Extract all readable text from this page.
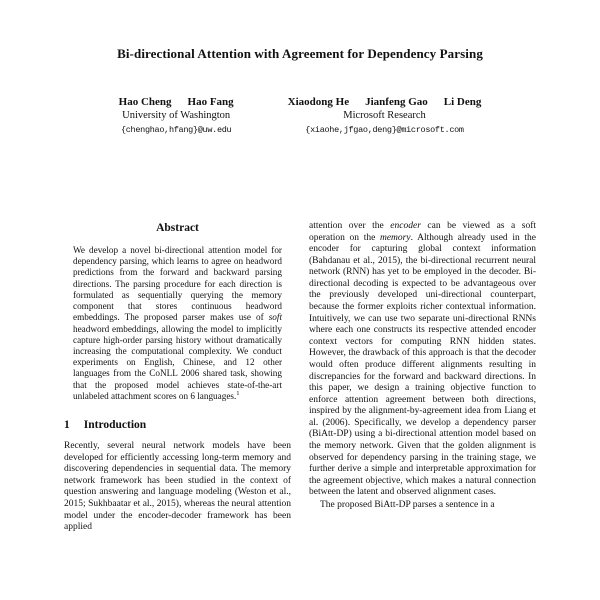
Bi-directional Attention with Agreement for Dependency Parsing
Hao Cheng Hao Fang
University of Washington
{chenghao,hfang}@uw.edu
Xiaodong He Jianfeng Gao Li Deng
Microsoft Research
{xiaohe,jfgao,deng}@microsoft.com
Abstract

We develop a novel bi-directional attention model for dependency parsing, which learns to agree on headword predictions from the forward and backward parsing directions. The parsing procedure for each direction is formulated as sequentially querying the memory component that stores continuous headword embeddings. The proposed parser makes use of soft headword embeddings, allowing the model to implicitly capture high-order parsing history without dramatically increasing the computational complexity. We conduct experiments on English, Chinese, and 12 other languages from the CoNLL 2006 shared task, showing that the proposed model achieves state-of-the-art unlabeled attachment scores on 6 languages.$^1$

1 Introduction

Recently, several neural network models have been developed for efficiently accessing long-term memory and discovering dependencies in sequential data. The memory network framework has been studied in the context of question answering and language modeling (Weston et al., 2015; Sukhbaatar et al., 2015), whereas the neural attention model under the encoder-decoder framework has been applied

attention over the encoder can be viewed as a soft operation on the memory. Although already used in the encoder for capturing global context information (Bahdanau et al., 2015), the bi-directional recurrent neural network (RNN) has yet to be employed in the decoder. Bi-directional decoding is expected to be advantageous over the previously developed uni-directional counterpart, because the former exploits richer contextual information. Intuitively, we can use two separate uni-directional RNNs where each one constructs its respective attended encoder context vectors for computing RNN hidden states. However, the drawback of this approach is that the decoder would often produce different alignments resulting in discrepancies for the forward and backward directions. In this paper, we design a training objective function to enforce attention agreement between both directions, inspired by the alignment-by-agreement idea from Liang et al. (2006). Specifically, we develop a dependency parser (BiAtt-DP) using a bi-directional attention model based on the memory network. Given that the golden alignment is observed for dependency parsing in the training stage, we further derive a simple and interpretable approximation for the agreement objective, which makes a natural connection between the latent and observed alignment cases.

The proposed BiAtt-DP parses a sentence in a
